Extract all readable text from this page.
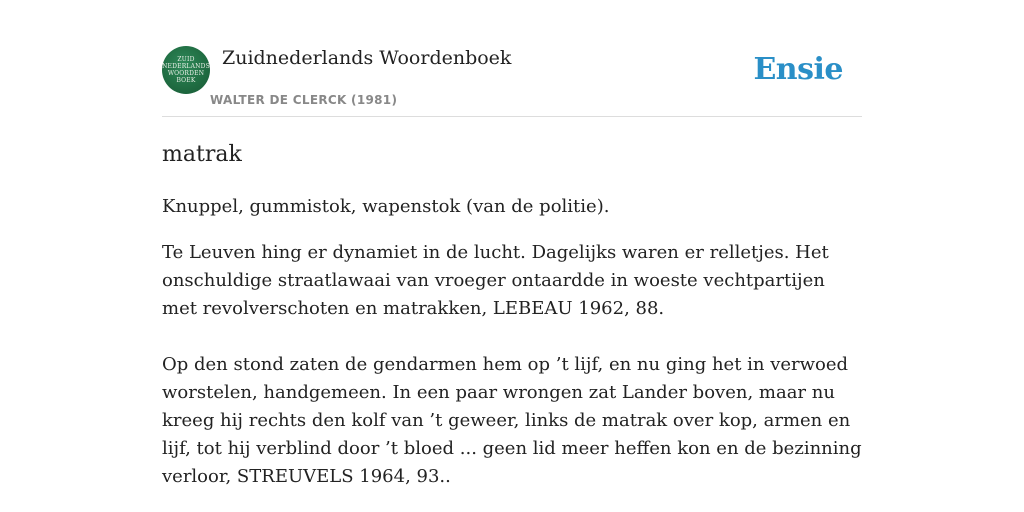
ZUID
NEDERLANDS
WOORDEN
BOEK
Zuidnederlands Woordenboek
WALTER DE CLERCK (1981)
Ensie
matrak

Knuppel, gummistok, wapenstok (van de politie).

Te Leuven hing er dynamiet in de lucht. Dagelijks waren er relletjes. Het onschuldige straatlawaai van vroeger ontaardde in woeste vechtpartijen met revolverschoten en matrakken, LEBEAU 1962, 88.

Op den stond zaten de gendarmen hem op ’t lijf, en nu ging het in verwoed worstelen, handgemeen. In een paar wrongen zat Lander boven, maar nu kreeg hij rechts den kolf van ’t geweer, links de matrak over kop, armen en lijf, tot hij verblind door ’t bloed ... geen lid meer heffen kon en de bezinning verloor, STREUVELS 1964, 93..
